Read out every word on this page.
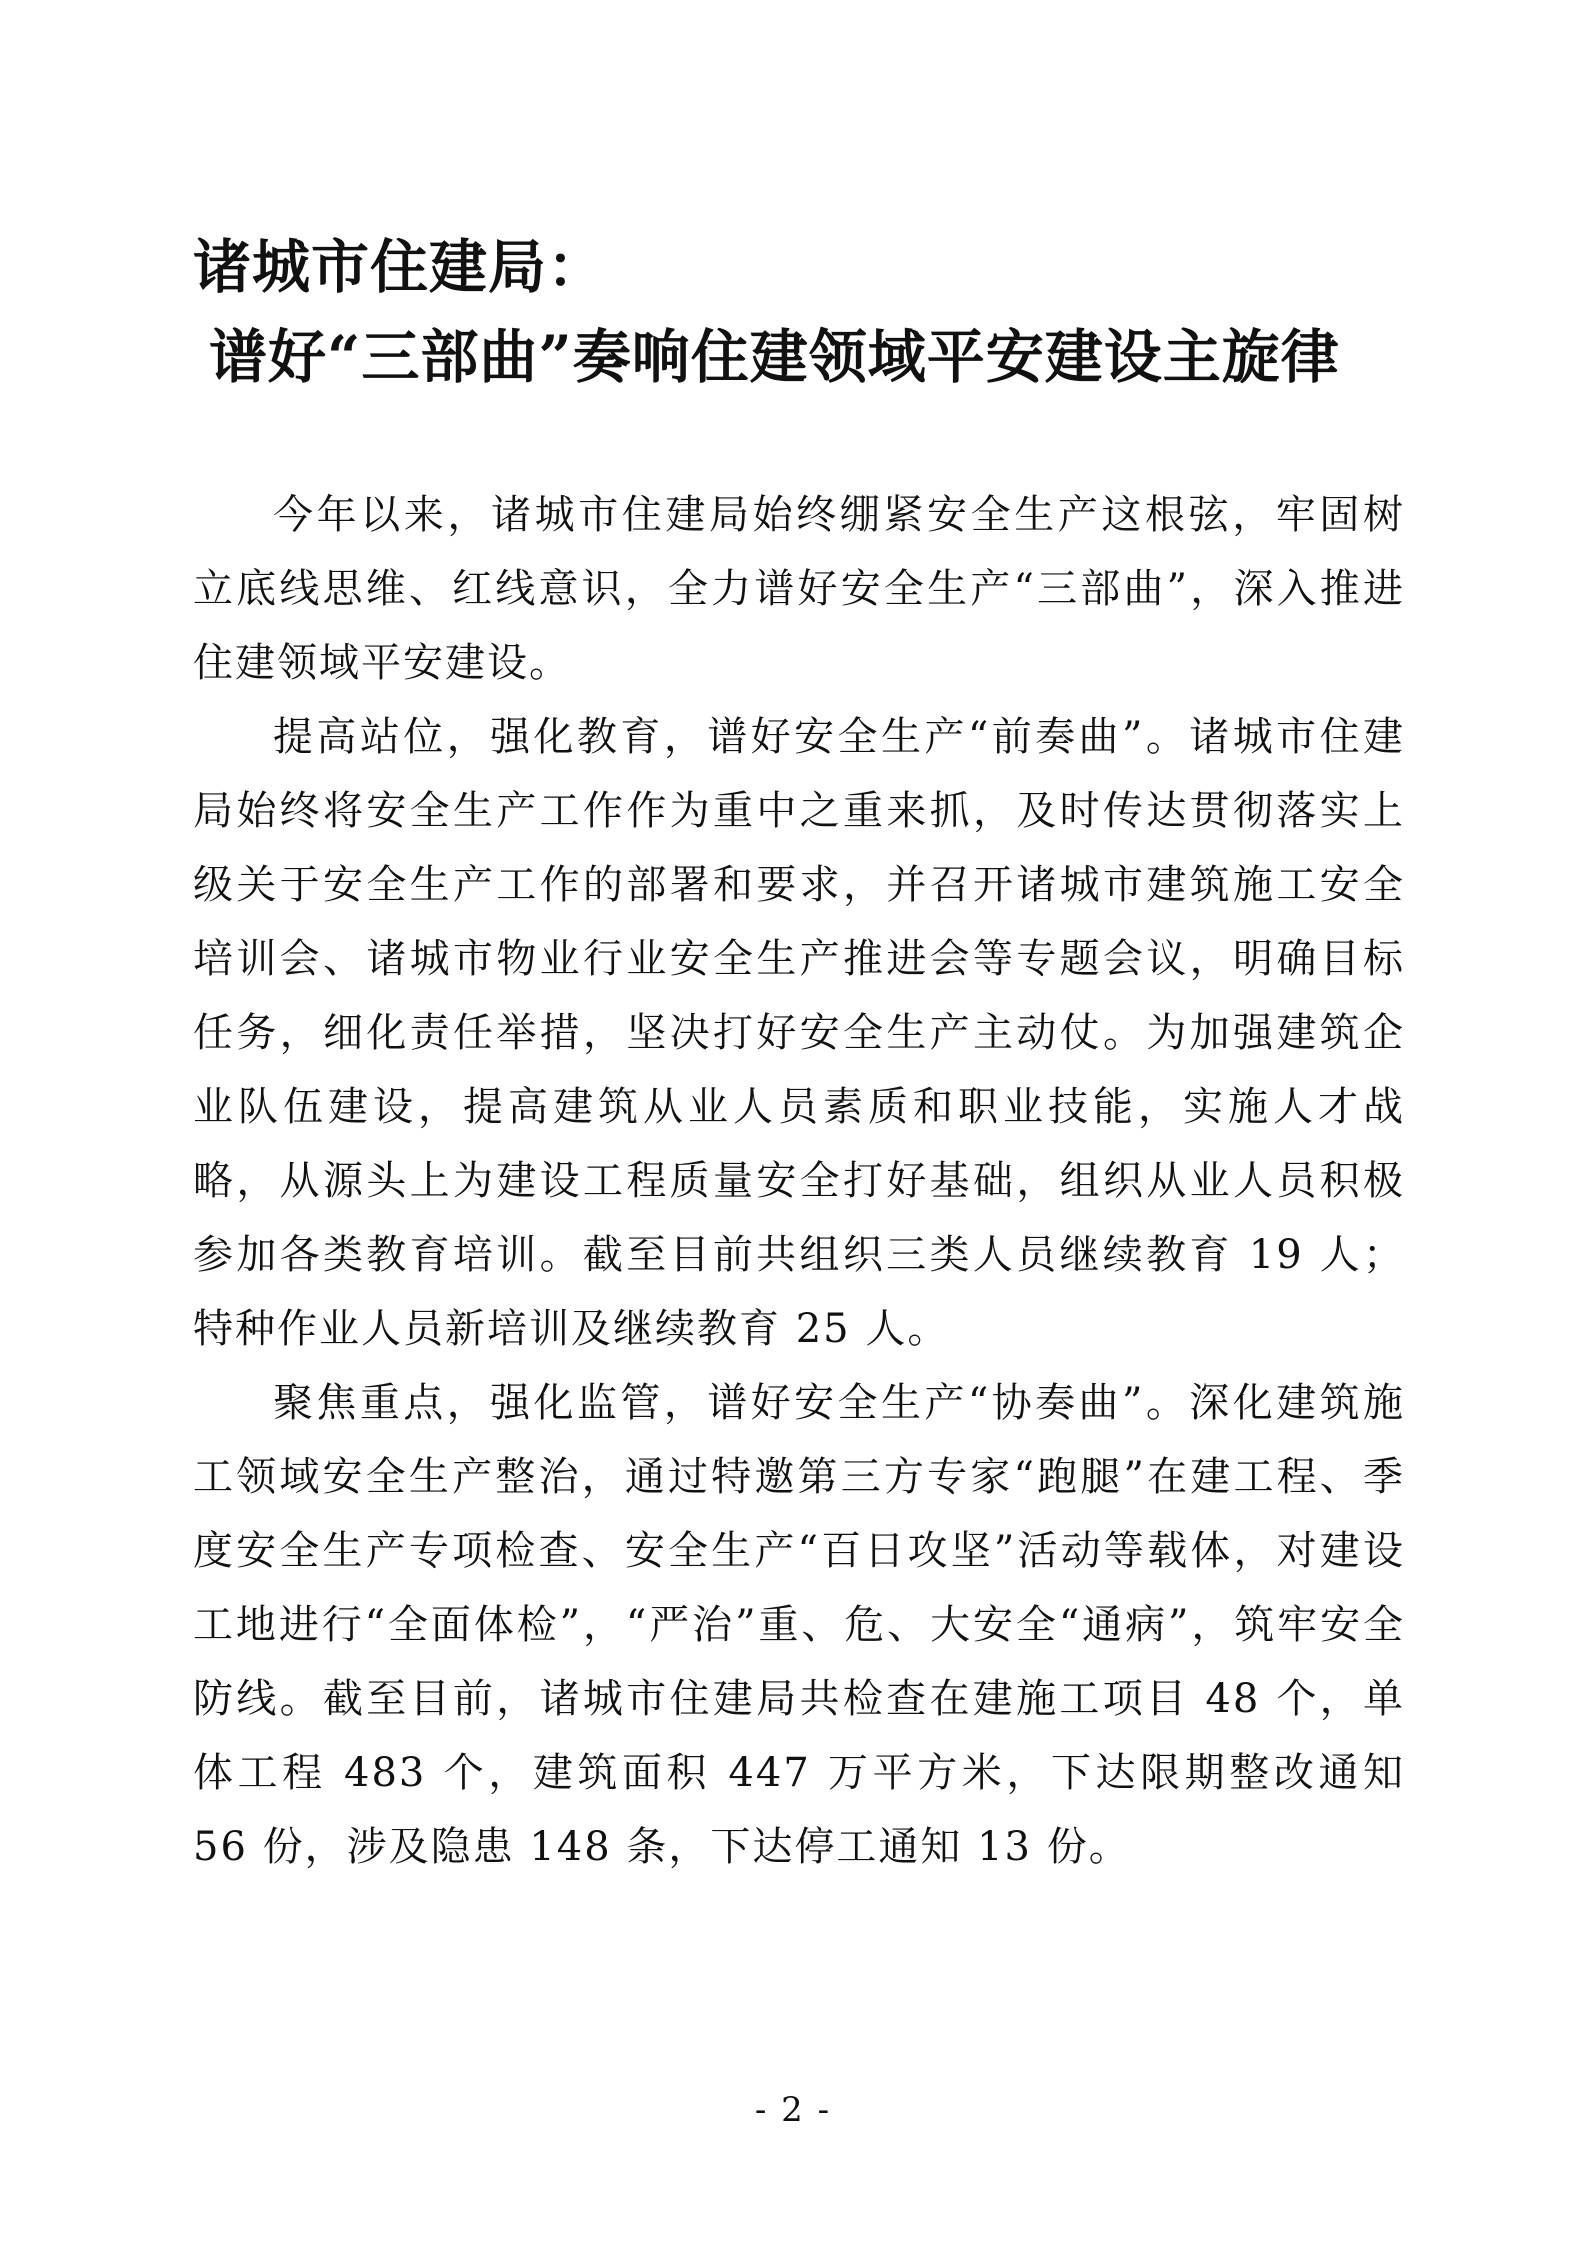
诸城市住建局：
谱好“三部曲”奏响住建领域平安建设主旋律

今年以来，诸城市住建局始终绷紧安全生产这根弦，牢固树立底线思维、红线意识，全力谱好安全生产“三部曲”，深入推进住建领域平安建设。

提高站位，强化教育，谱好安全生产“前奏曲”。诸城市住建局始终将安全生产工作作为重中之重来抓，及时传达贯彻落实上级关于安全生产工作的部署和要求，并召开诸城市建筑施工安全培训会、诸城市物业行业安全生产推进会等专题会议，明确目标任务，细化责任举措，坚决打好安全生产主动仗。为加强建筑企业队伍建设，提高建筑从业人员素质和职业技能，实施人才战略，从源头上为建设工程质量安全打好基础，组织从业人员积极参加各类教育培训。截至目前共组织三类人员继续教育 19 人；特种作业人员新培训及继续教育 25 人。

聚焦重点，强化监管，谱好安全生产“协奏曲”。深化建筑施工领域安全生产整治，通过特邀第三方专家“跑腿”在建工程、季度安全生产专项检查、安全生产“百日攻坚”活动等载体，对建设工地进行“全面体检”，“严治”重、危、大安全“通病”，筑牢安全防线。截至目前，诸城市住建局共检查在建施工项目 48 个，单体工程 483 个，建筑面积 447 万平方米，下达限期整改通知 56 份，涉及隐患 148 条，下达停工通知 13 份。

- 2 -
